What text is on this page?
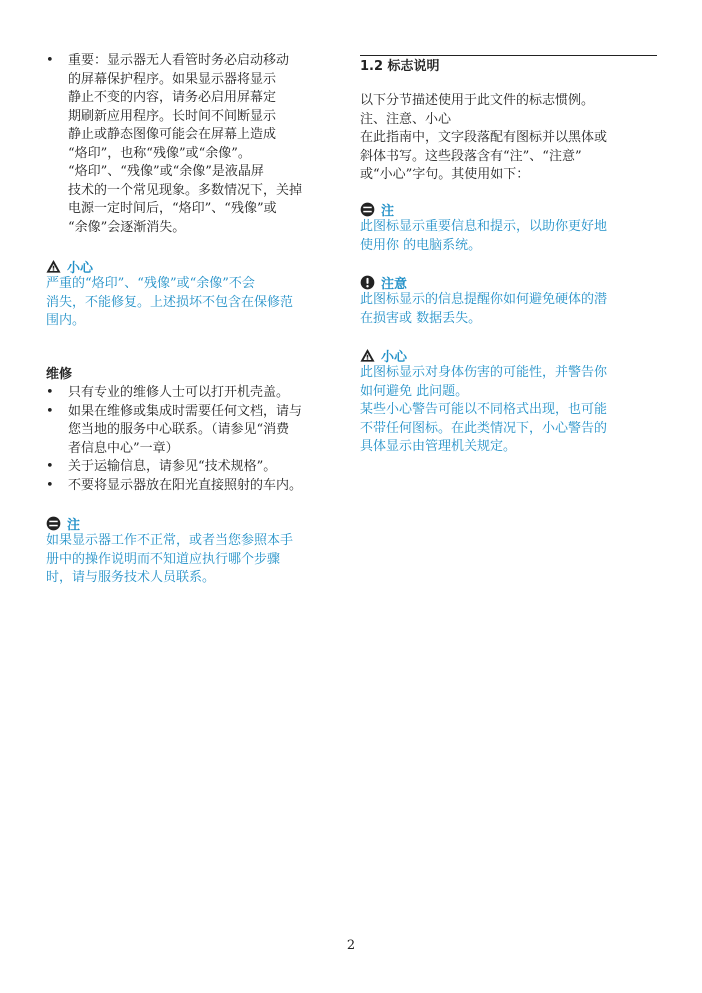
• 重要：显示器无人看管时务必启动移动
的屏幕保护程序。如果显示器将显示
静止不变的内容，请务必启用屏幕定
期刷新应用程序。长时间不间断显示
静止或静态图像可能会在屏幕上造成
“烙印”，也称“残像”或“余像”。
“烙印”、“残像”或“余像”是液晶屏
技术的一个常见现象。多数情况下，关掉
电源一定时间后，“烙印”、“残像”或
“余像”会逐渐消失。
小心
严重的“烙印”、“残像”或“余像”不会
消失，不能修复。上述损坏不包含在保修范
围内。
维修
• 只有专业的维修人士可以打开机壳盖。
• 如果在维修或集成时需要任何文档，请与
您当地的服务中心联系。（请参见“消费
者信息中心”一章）
• 关于运输信息，请参见“技术规格”。
• 不要将显示器放在阳光直接照射的车内。
注
如果显示器工作不正常，或者当您参照本手
册中的操作说明而不知道应执行哪个步骤
时，请与服务技术人员联系。
1.2 标志说明
以下分节描述使用于此文件的标志惯例。
注、注意、小心
在此指南中，文字段落配有图标并以黑体或
斜体书写。这些段落含有“注”、“注意”
或“小心”字句。其使用如下：
注
此图标显示重要信息和提示，以助你更好地
使用你 的电脑系统。
注意
此图标显示的信息提醒你如何避免硬体的潜
在损害或 数据丢失。
小心
此图标显示对身体伤害的可能性，并警告你
如何避免 此问题。
某些小心警告可能以不同格式出现，也可能
不带任何图标。在此类情况下，小心警告的
具体显示由管理机关规定。
2
